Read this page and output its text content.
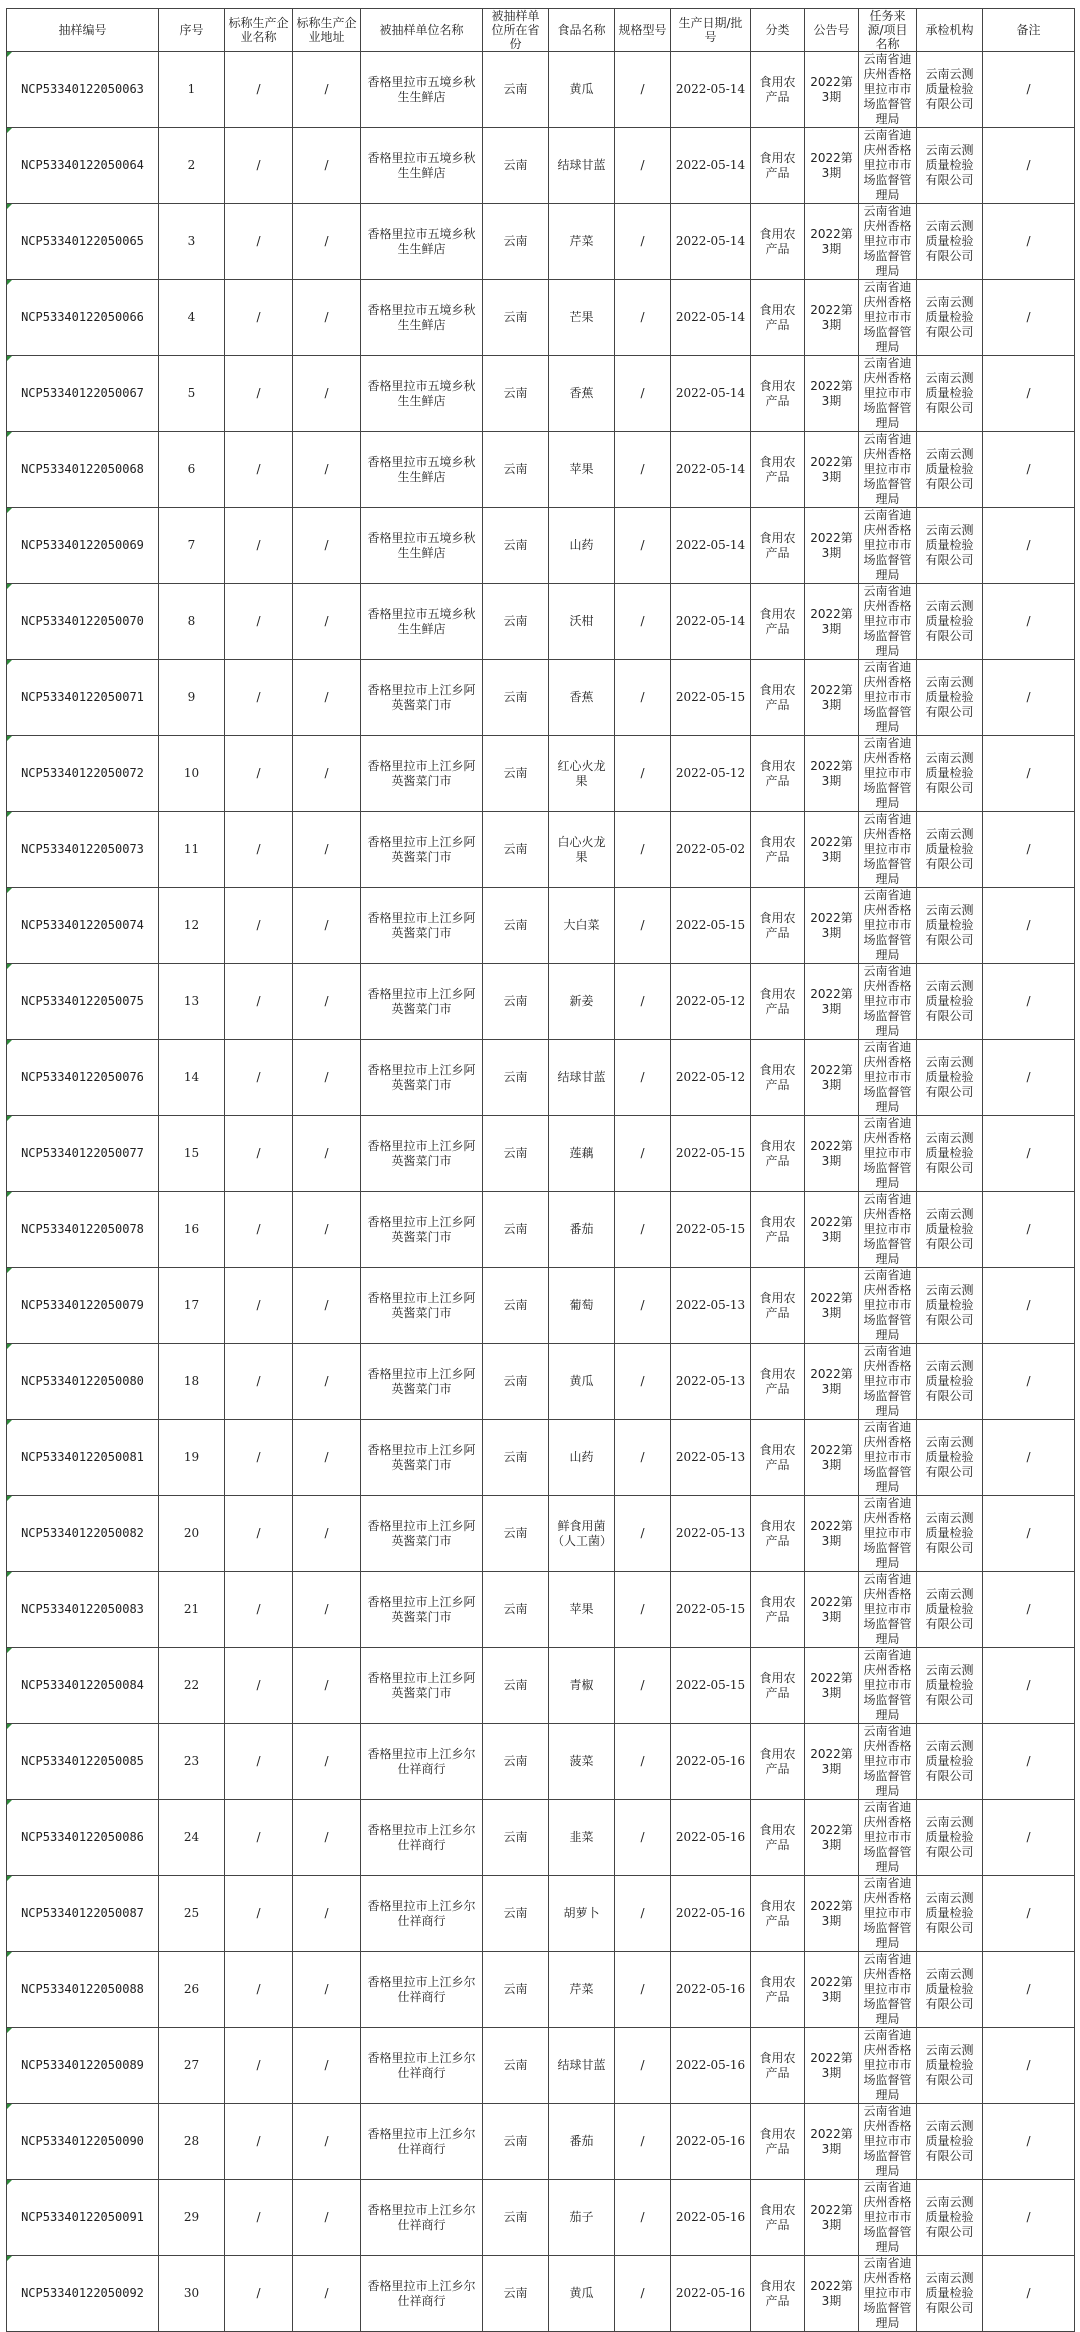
抽样编号	序号	标称生产企业名称	标称生产企业地址	被抽样单位名称	被抽样单位所在省份	食品名称	规格型号	生产日期/批号	分类	公告号	任务来源/项目名称	承检机构	备注

NCP53340122050063	1	/	/	香格里拉市五境乡秋生生鲜店	云南	黄瓜	/	2022-05-14	食用农产品	2022第3期	云南省迪庆州香格里拉市市场监督管理局	云南云测质量检验有限公司	/

NCP53340122050064	2	/	/	香格里拉市五境乡秋生生鲜店	云南	结球甘蓝	/	2022-05-14	食用农产品	2022第3期	云南省迪庆州香格里拉市市场监督管理局	云南云测质量检验有限公司	/

NCP53340122050065	3	/	/	香格里拉市五境乡秋生生鲜店	云南	芹菜	/	2022-05-14	食用农产品	2022第3期	云南省迪庆州香格里拉市市场监督管理局	云南云测质量检验有限公司	/

NCP53340122050066	4	/	/	香格里拉市五境乡秋生生鲜店	云南	芒果	/	2022-05-14	食用农产品	2022第3期	云南省迪庆州香格里拉市市场监督管理局	云南云测质量检验有限公司	/

NCP53340122050067	5	/	/	香格里拉市五境乡秋生生鲜店	云南	香蕉	/	2022-05-14	食用农产品	2022第3期	云南省迪庆州香格里拉市市场监督管理局	云南云测质量检验有限公司	/

NCP53340122050068	6	/	/	香格里拉市五境乡秋生生鲜店	云南	苹果	/	2022-05-14	食用农产品	2022第3期	云南省迪庆州香格里拉市市场监督管理局	云南云测质量检验有限公司	/

NCP53340122050069	7	/	/	香格里拉市五境乡秋生生鲜店	云南	山药	/	2022-05-14	食用农产品	2022第3期	云南省迪庆州香格里拉市市场监督管理局	云南云测质量检验有限公司	/

NCP53340122050070	8	/	/	香格里拉市五境乡秋生生鲜店	云南	沃柑	/	2022-05-14	食用农产品	2022第3期	云南省迪庆州香格里拉市市场监督管理局	云南云测质量检验有限公司	/

NCP53340122050071	9	/	/	香格里拉市上江乡阿英酱菜门市	云南	香蕉	/	2022-05-15	食用农产品	2022第3期	云南省迪庆州香格里拉市市场监督管理局	云南云测质量检验有限公司	/

NCP53340122050072	10	/	/	香格里拉市上江乡阿英酱菜门市	云南	红心火龙果	/	2022-05-12	食用农产品	2022第3期	云南省迪庆州香格里拉市市场监督管理局	云南云测质量检验有限公司	/

NCP53340122050073	11	/	/	香格里拉市上江乡阿英酱菜门市	云南	白心火龙果	/	2022-05-02	食用农产品	2022第3期	云南省迪庆州香格里拉市市场监督管理局	云南云测质量检验有限公司	/

NCP53340122050074	12	/	/	香格里拉市上江乡阿英酱菜门市	云南	大白菜	/	2022-05-15	食用农产品	2022第3期	云南省迪庆州香格里拉市市场监督管理局	云南云测质量检验有限公司	/

NCP53340122050075	13	/	/	香格里拉市上江乡阿英酱菜门市	云南	新姜	/	2022-05-12	食用农产品	2022第3期	云南省迪庆州香格里拉市市场监督管理局	云南云测质量检验有限公司	/

NCP53340122050076	14	/	/	香格里拉市上江乡阿英酱菜门市	云南	结球甘蓝	/	2022-05-12	食用农产品	2022第3期	云南省迪庆州香格里拉市市场监督管理局	云南云测质量检验有限公司	/

NCP53340122050077	15	/	/	香格里拉市上江乡阿英酱菜门市	云南	莲藕	/	2022-05-15	食用农产品	2022第3期	云南省迪庆州香格里拉市市场监督管理局	云南云测质量检验有限公司	/

NCP53340122050078	16	/	/	香格里拉市上江乡阿英酱菜门市	云南	番茄	/	2022-05-15	食用农产品	2022第3期	云南省迪庆州香格里拉市市场监督管理局	云南云测质量检验有限公司	/

NCP53340122050079	17	/	/	香格里拉市上江乡阿英酱菜门市	云南	葡萄	/	2022-05-13	食用农产品	2022第3期	云南省迪庆州香格里拉市市场监督管理局	云南云测质量检验有限公司	/

NCP53340122050080	18	/	/	香格里拉市上江乡阿英酱菜门市	云南	黄瓜	/	2022-05-13	食用农产品	2022第3期	云南省迪庆州香格里拉市市场监督管理局	云南云测质量检验有限公司	/

NCP53340122050081	19	/	/	香格里拉市上江乡阿英酱菜门市	云南	山药	/	2022-05-13	食用农产品	2022第3期	云南省迪庆州香格里拉市市场监督管理局	云南云测质量检验有限公司	/

NCP53340122050082	20	/	/	香格里拉市上江乡阿英酱菜门市	云南	鲜食用菌（人工菌）	/	2022-05-13	食用农产品	2022第3期	云南省迪庆州香格里拉市市场监督管理局	云南云测质量检验有限公司	/

NCP53340122050083	21	/	/	香格里拉市上江乡阿英酱菜门市	云南	苹果	/	2022-05-15	食用农产品	2022第3期	云南省迪庆州香格里拉市市场监督管理局	云南云测质量检验有限公司	/

NCP53340122050084	22	/	/	香格里拉市上江乡阿英酱菜门市	云南	青椒	/	2022-05-15	食用农产品	2022第3期	云南省迪庆州香格里拉市市场监督管理局	云南云测质量检验有限公司	/

NCP53340122050085	23	/	/	香格里拉市上江乡尔仕祥商行	云南	菠菜	/	2022-05-16	食用农产品	2022第3期	云南省迪庆州香格里拉市市场监督管理局	云南云测质量检验有限公司	/

NCP53340122050086	24	/	/	香格里拉市上江乡尔仕祥商行	云南	韭菜	/	2022-05-16	食用农产品	2022第3期	云南省迪庆州香格里拉市市场监督管理局	云南云测质量检验有限公司	/

NCP53340122050087	25	/	/	香格里拉市上江乡尔仕祥商行	云南	胡萝卜	/	2022-05-16	食用农产品	2022第3期	云南省迪庆州香格里拉市市场监督管理局	云南云测质量检验有限公司	/

NCP53340122050088	26	/	/	香格里拉市上江乡尔仕祥商行	云南	芹菜	/	2022-05-16	食用农产品	2022第3期	云南省迪庆州香格里拉市市场监督管理局	云南云测质量检验有限公司	/

NCP53340122050089	27	/	/	香格里拉市上江乡尔仕祥商行	云南	结球甘蓝	/	2022-05-16	食用农产品	2022第3期	云南省迪庆州香格里拉市市场监督管理局	云南云测质量检验有限公司	/

NCP53340122050090	28	/	/	香格里拉市上江乡尔仕祥商行	云南	番茄	/	2022-05-16	食用农产品	2022第3期	云南省迪庆州香格里拉市市场监督管理局	云南云测质量检验有限公司	/

NCP53340122050091	29	/	/	香格里拉市上江乡尔仕祥商行	云南	茄子	/	2022-05-16	食用农产品	2022第3期	云南省迪庆州香格里拉市市场监督管理局	云南云测质量检验有限公司	/

NCP53340122050092	30	/	/	香格里拉市上江乡尔仕祥商行	云南	黄瓜	/	2022-05-16	食用农产品	2022第3期	云南省迪庆州香格里拉市市场监督管理局	云南云测质量检验有限公司	/
